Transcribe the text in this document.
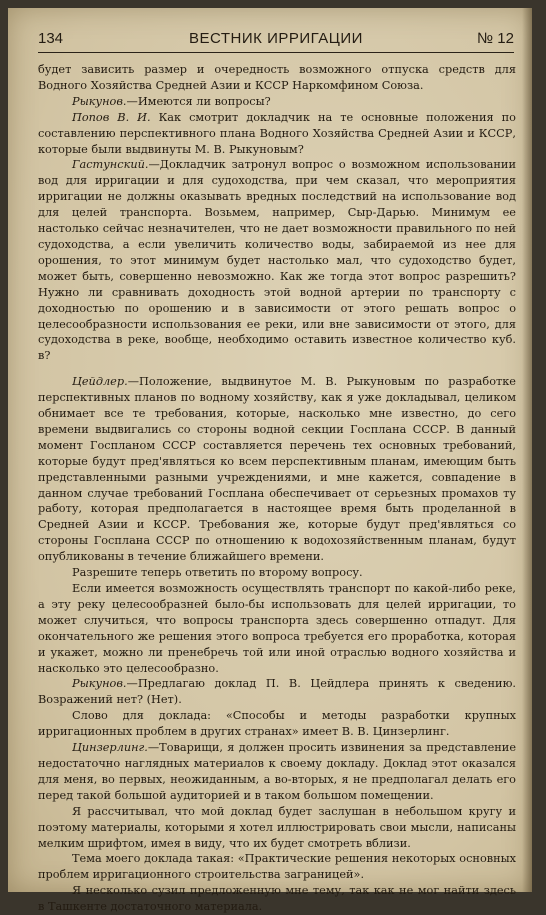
134	ВЕСТНИК ИРРИГАЦИИ	№ 12

будет зависить размер и очередность возможного отпуска средств для Водного Хозяйства Средней Азии и КССР Наркомфином Союза.

Рыкунов.—Имеются ли вопросы?

Попов В. И. Как смотрит докладчик на те основные положения по составлению перспективного плана Водного Хозяйства Средней Азии и КССР, которые были выдвинуты М. В. Рыкуновым?

Гастунский.—Докладчик затронул вопрос о возможном использовании вод для ирригации и для судоходства, при чем сказал, что мероприятия ирригации не должны оказывать вредных последствий на использование вод для целей транспорта. Возьмем, например, Сыр-Дарью. Минимум ее настолько сейчас незначителен, что не дает возможности правильного по ней судоходства, а если увеличить количество воды, забираемой из нее для орошения, то этот минимум будет настолько мал, что судоходство будет, может быть, совершенно невозможно. Как же тогда этот вопрос разрешить? Нужно ли сравнивать доходность этой водной артерии по транспорту с доходностью по орошению и в зависимости от этого решать вопрос о целесообразности использования ее реки, или вне зависимости от этого, для судоходства в реке, вообще, необходимо оставить известное количество куб. в?

Цейдлер.—Положение, выдвинутое М. В. Рыкуновым по разработке перспективных планов по водному хозяйству, как я уже докладывал, целиком обнимает все те требования, которые, насколько мне известно, до сего времени выдвигались со стороны водной секции Госплана СССР. В данный момент Госпланом СССР составляется перечень тех основных требований, которые будут пред'являться ко всем перспективным планам, имеющим быть представленными разными учреждениями, и мне кажется, совпадение в данном случае требований Госплана обеспечивает от серьезных промахов ту работу, которая предполагается в настоящее время быть проделанной в Средней Азии и КССР. Требования же, которые будут пред'являться со стороны Госплана СССР по отношению к водохозяйственным планам, будут опубликованы в течение ближайшего времени.

Разрешите теперь ответить по второму вопросу.

Если имеется возможность осуществлять транспорт по какой-либо реке, а эту реку целесообразней было-бы использовать для целей ирригации, то может случиться, что вопросы транспорта здесь совершенно отпадут. Для окончательного же решения этого вопроса требуется его проработка, которая и укажет, можно ли пренебречь той или иной отраслью водного хозяйства и насколько это целесообразно.

Рыкунов.—Предлагаю доклад П. В. Цейдлера принять к сведению. Возражений нет? (Нет).

Слово для доклада: «Способы и методы разработки крупных ирригационных проблем в других странах» имеет В. В. Цинзерлинг.

Цинзерлинг.—Товарищи, я должен просить извинения за представление недостаточно наглядных материалов к своему докладу. Доклад этот оказался для меня, во первых, неожиданным, а во-вторых, я не предполагал делать его перед такой большой аудиторией и в таком большом помещении.

Я рассчитывал, что мой доклад будет заслушан в небольшом кругу и поэтому материалы, которыми я хотел иллюстрировать свои мысли, написаны мелким шрифтом, имея в виду, что их будет смотреть вблизи.

Тема моего доклада такая: «Практические решения некоторых основных проблем ирригационного строительства заграницей».

Я несколько сузил предложенную мне тему, так как не мог найти здесь в Ташкенте достаточного материала.
